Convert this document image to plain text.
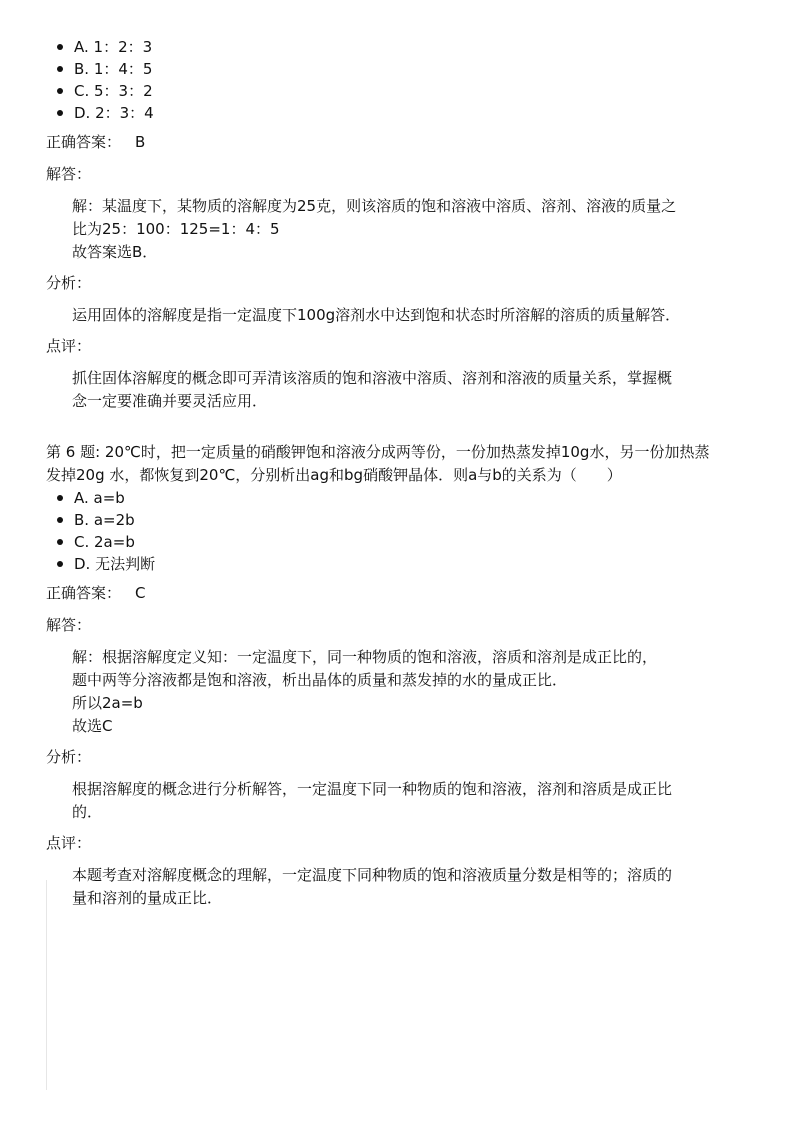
A. 1：2：3
B. 1：4：5
C. 5：3：2
D. 2：3：4
正确答案： B
解答：

解：某温度下，某物质的溶解度为25克，则该溶质的饱和溶液中溶质、溶剂、溶液的质量之

比为25：100：125=1：4：5

故答案选B．

分析：

运用固体的溶解度是指一定温度下100g溶剂水中达到饱和状态时所溶解的溶质的质量解答．

点评：

抓住固体溶解度的概念即可弄清该溶质的饱和溶液中溶质、溶剂和溶液的质量关系，掌握概

念一定要准确并要灵活应用．

第 6 题: 20℃时，把一定质量的硝酸钾饱和溶液分成两等份，一份加热蒸发掉10g水，另一份加热蒸
发掉20g 水，都恢复到20℃，分别析出ag和bg硝酸钾晶体．则a与b的关系为（　　）
A. a=b
B. a=2b
C. 2a=b
D. 无法判断
正确答案： C
解答：

解：根据溶解度定义知：一定温度下，同一种物质的饱和溶液，溶质和溶剂是成正比的，

题中两等分溶液都是饱和溶液，析出晶体的质量和蒸发掉的水的量成正比．

所以2a=b

故选C

分析：

根据溶解度的概念进行分析解答，一定温度下同一种物质的饱和溶液，溶剂和溶质是成正比

的．

点评：

本题考查对溶解度概念的理解，一定温度下同种物质的饱和溶液质量分数是相等的；溶质的

量和溶剂的量成正比．
